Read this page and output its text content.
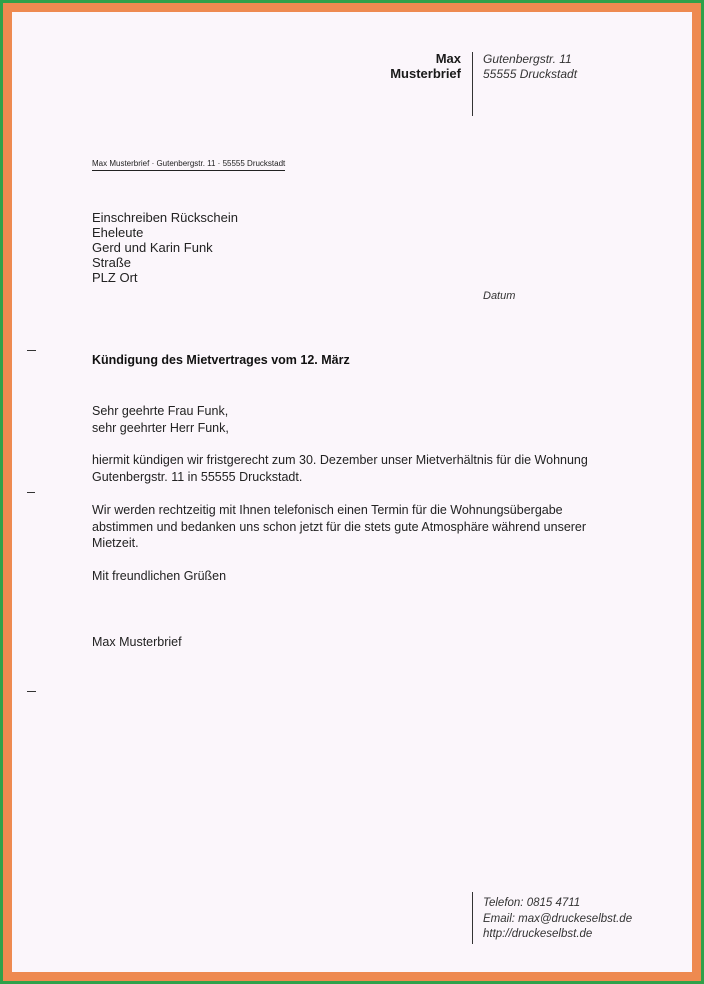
Max
Musterbrief
Gutenbergstr. 11
55555 Druckstadt
Max Musterbrief · Gutenbergstr. 11 · 55555 Druckstadt
Einschreiben Rückschein
Eheleute
Gerd und Karin Funk
Straße
PLZ Ort
Datum
Kündigung des Mietvertrages vom 12. März
Sehr geehrte Frau Funk,
sehr geehrter Herr Funk,
hiermit kündigen wir fristgerecht zum 30. Dezember unser Mietverhältnis für die Wohnung
Gutenbergstr. 11 in 55555 Druckstadt.
Wir werden rechtzeitig mit Ihnen telefonisch einen Termin für die Wohnungsübergabe
abstimmen und bedanken uns schon jetzt für die stets gute Atmosphäre während unserer
Mietzeit.
Mit freundlichen Grüßen
Max Musterbrief
Telefon: 0815 4711
Email: max@druckeselbst.de
http://druckeselbst.de
